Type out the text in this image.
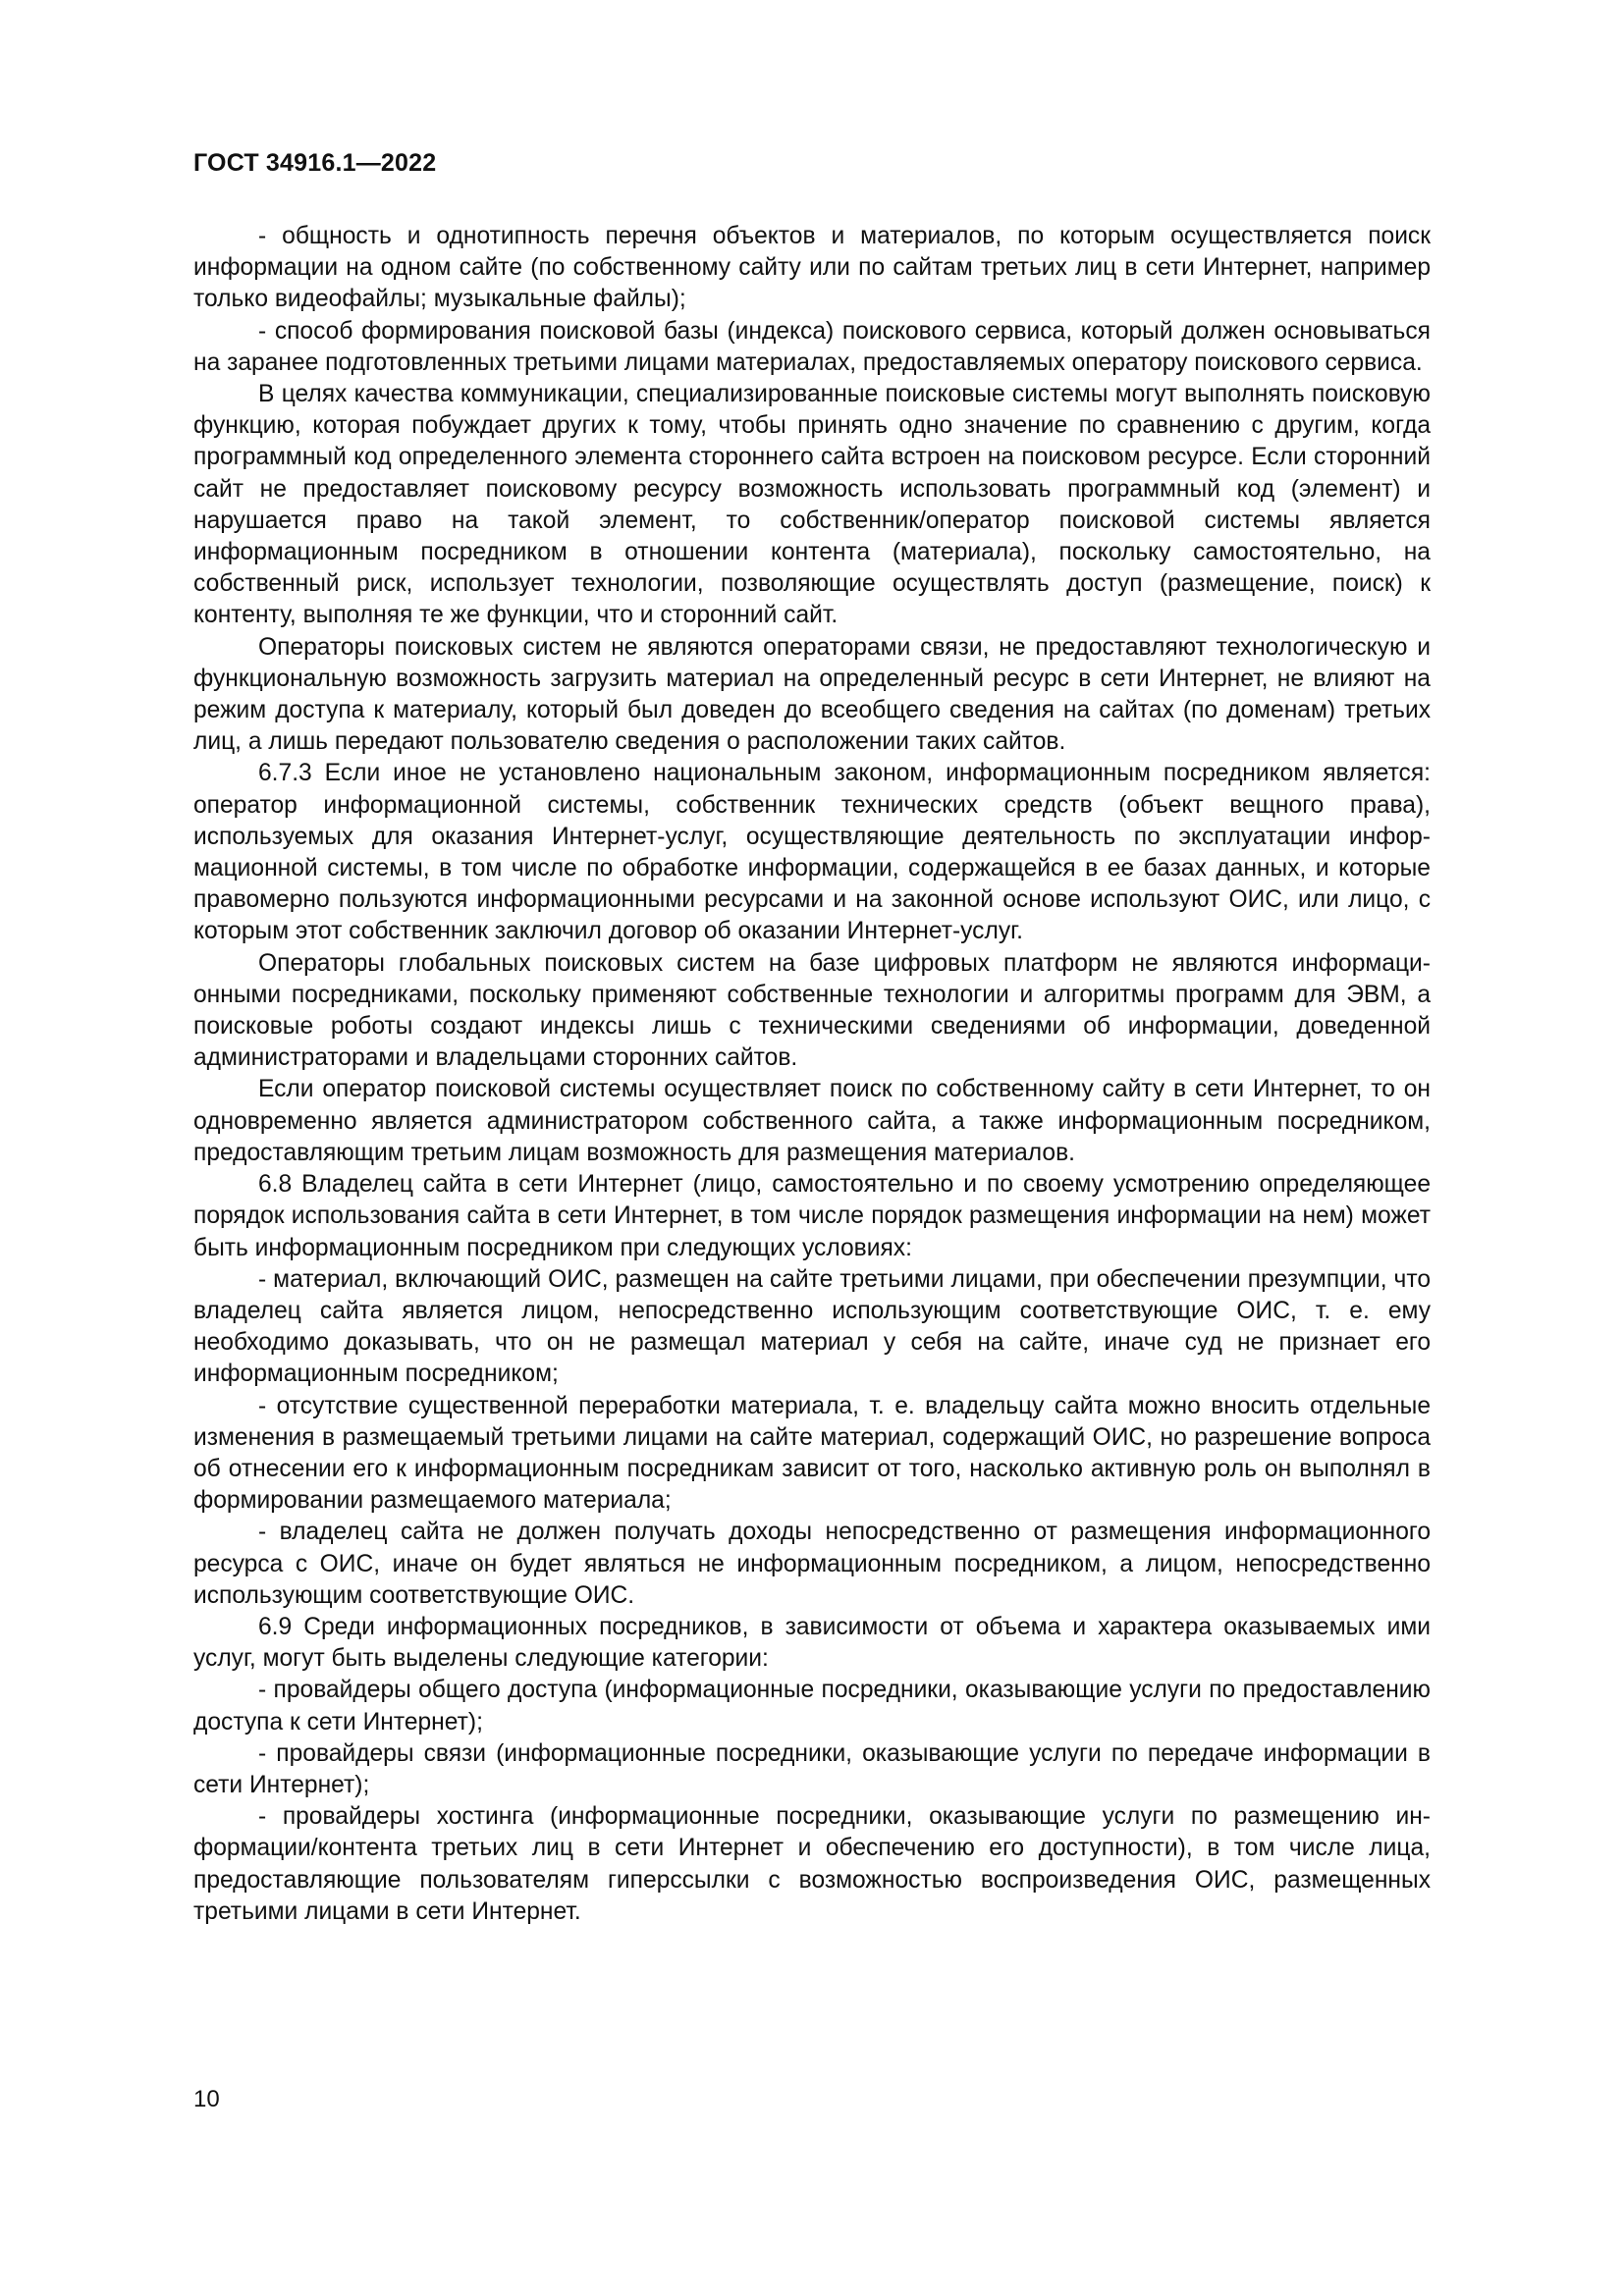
ГОСТ 34916.1—2022

- общность и однотипность перечня объектов и материалов, по которым осуществляется поиск информации на одном сайте (по собственному сайту или по сайтам третьих лиц в сети Интернет, например только видеофайлы; музыкальные файлы);

- способ формирования поисковой базы (индекса) поискового сервиса, который должен основываться на заранее подготовленных третьими лицами материалах, предоставляемых оператору поискового сервиса.

В целях качества коммуникации, специализированные поисковые системы могут выполнять поисковую функцию, которая побуждает других к тому, чтобы принять одно значение по сравнению с другим, когда программный код определенного элемента стороннего сайта встроен на поисковом ресурсе. Если сторонний сайт не предоставляет поисковому ресурсу возможность использовать программный код (элемент) и нарушается право на такой элемент, то собственник/оператор поисковой системы является информационным посредником в отношении контента (материала), поскольку самостоятельно, на собственный риск, использует технологии, позволяющие осуществлять доступ (размещение, поиск) к контенту, выполняя те же функции, что и сторонний сайт.

Операторы поисковых систем не являются операторами связи, не предоставляют технологическую и функциональную возможность загрузить материал на определенный ресурс в сети Интернет, не влияют на режим доступа к материалу, который был доведен до всеобщего сведения на сайтах (по доменам) третьих лиц, а лишь передают пользователю сведения о расположении таких сайтов.

6.7.3 Если иное не установлено национальным законом, информационным посредником является: оператор информационной системы, собственник технических средств (объект вещного права), используемых для оказания Интернет-услуг, осуществляющие деятельность по эксплуатации информационной системы, в том числе по обработке информации, содержащейся в ее базах данных, и которые правомерно пользуются информационными ресурсами и на законной основе используют ОИС, или лицо, с которым этот собственник заключил договор об оказании Интернет-услуг.

Операторы глобальных поисковых систем на базе цифровых платформ не являются информационными посредниками, поскольку применяют собственные технологии и алгоритмы программ для ЭВМ, а поисковые роботы создают индексы лишь с техническими сведениями об информации, доведенной администраторами и владельцами сторонних сайтов.

Если оператор поисковой системы осуществляет поиск по собственному сайту в сети Интернет, то он одновременно является администратором собственного сайта, а также информационным посредником, предоставляющим третьим лицам возможность для размещения материалов.

6.8 Владелец сайта в сети Интернет (лицо, самостоятельно и по своему усмотрению определяющее порядок использования сайта в сети Интернет, в том числе порядок размещения информации на нем) может быть информационным посредником при следующих условиях:

- материал, включающий ОИС, размещен на сайте третьими лицами, при обеспечении презумпции, что владелец сайта является лицом, непосредственно использующим соответствующие ОИС, т. е. ему необходимо доказывать, что он не размещал материал у себя на сайте, иначе суд не признает его информационным посредником;

- отсутствие существенной переработки материала, т. е. владельцу сайта можно вносить отдельные изменения в размещаемый третьими лицами на сайте материал, содержащий ОИС, но разрешение вопроса об отнесении его к информационным посредникам зависит от того, насколько активную роль он выполнял в формировании размещаемого материала;

- владелец сайта не должен получать доходы непосредственно от размещения информационного ресурса с ОИС, иначе он будет являться не информационным посредником, а лицом, непосредственно использующим соответствующие ОИС.

6.9 Среди информационных посредников, в зависимости от объема и характера оказываемых ими услуг, могут быть выделены следующие категории:

- провайдеры общего доступа (информационные посредники, оказывающие услуги по предоставлению доступа к сети Интернет);

- провайдеры связи (информационные посредники, оказывающие услуги по передаче информации в сети Интернет);

- провайдеры хостинга (информационные посредники, оказывающие услуги по размещению информации/контента третьих лиц в сети Интернет и обеспечению его доступности), в том числе лица, предоставляющие пользователям гиперссылки с возможностью воспроизведения ОИС, размещенных третьими лицами в сети Интернет.

10
